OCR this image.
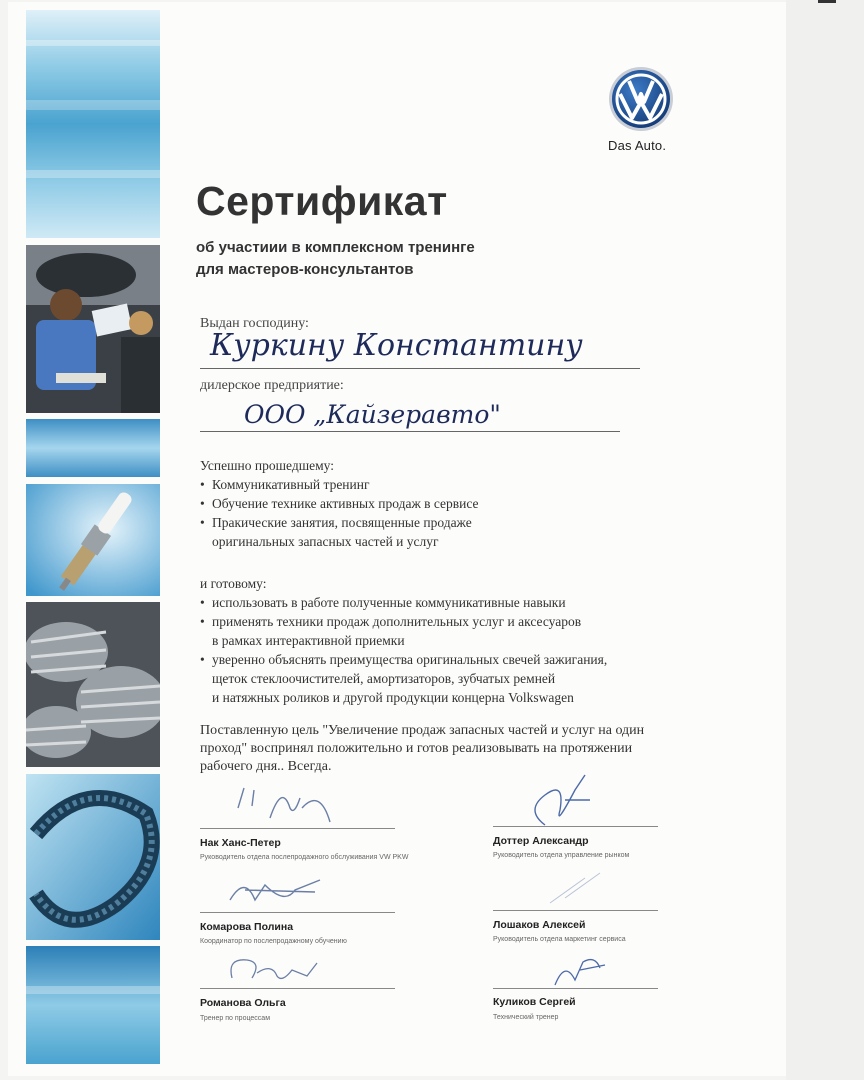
Das Auto.
Сертификат
об участиии в комплексном тренинге
для мастеров-консультантов
Выдан господину:
Куркину Константину
дилерское предприятие:
ООО „Кайзеравто"
Успешно прошедшему:
• Коммуникативный тренинг
• Обучение технике активных продаж в сервисе
• Пракические занятия, посвященные продаже
оригинальных запасных частей и услуг
и готовому:
• использовать в работе полученные коммуникативные навыки
• применять техники продаж дополнительных услуг и аксесуаров
в рамках интерактивной приемки
• уверенно объяснять преимущества оригинальных свечей зажигания,
щеток стеклоочистителей, амортизаторов, зубчатых ремней
и натяжных роликов и другой продукции концерна Volkswagen
Поставленную цель "Увеличение продаж запасных частей и услуг на один
проход" воспринял положительно и готов реализовывать на протяжении
рабочего дня.. Всегда.
Нак Ханс-Петер
Руководитель отдела послепродажного обслуживания VW PKW
Доттер Александр
Руководитель отдела управление рынком
Комарова Полина
Координатор по послепродажному обучению
Лошаков Алексей
Руководитель отдела маркетинг сервиса
Романова Ольга
Тренер по процессам
Куликов Сергей
Технический тренер
